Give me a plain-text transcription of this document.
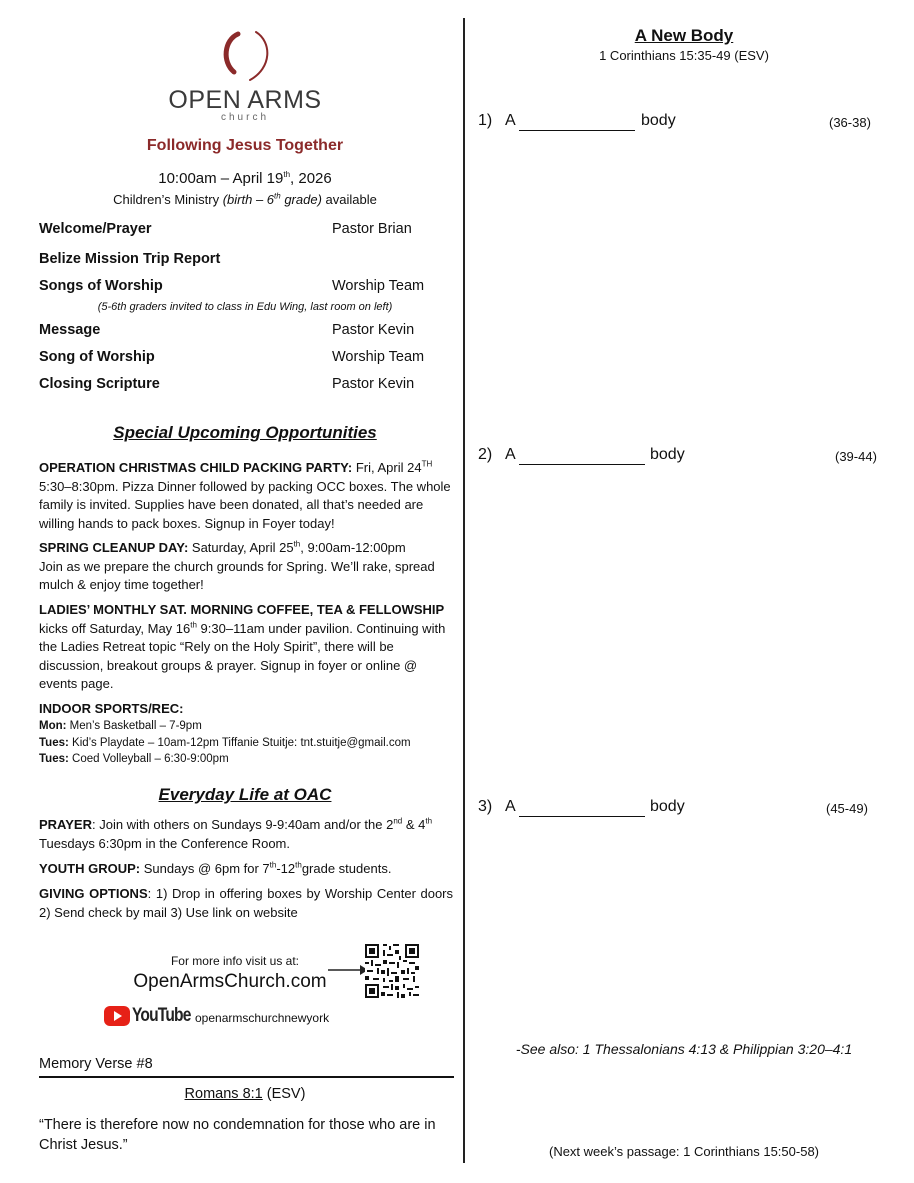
OPEN ARMS
church
Following Jesus Together
10:00am – April 19th, 2026
Children’s Ministry (birth – 6th grade) available
Welcome/Prayer	Pastor Brian
Belize Mission Trip Report
Songs of Worship	Worship Team
(5-6th graders invited to class in Edu Wing, last room on left)
Message	Pastor Kevin
Song of Worship	Worship Team
Closing Scripture	Pastor Kevin
Special Upcoming Opportunities
OPERATION CHRISTMAS CHILD PACKING PARTY: Fri, April 24TH 5:30–8:30pm. Pizza Dinner followed by packing OCC boxes. The whole family is invited. Supplies have been donated, all that’s needed are willing hands to pack boxes. Signup in Foyer today!
SPRING CLEANUP DAY: Saturday, April 25th, 9:00am-12:00pm
Join as we prepare the church grounds for Spring. We’ll rake, spread mulch & enjoy time together!
LADIES’ MONTHLY SAT. MORNING COFFEE, TEA & FELLOWSHIP
kicks off Saturday, May 16th 9:30–11am under pavilion. Continuing with the Ladies Retreat topic “Rely on the Holy Spirit”, there will be discussion, breakout groups & prayer. Signup in foyer or online @ events page.
INDOOR SPORTS/REC:
Mon: Men’s Basketball – 7-9pm
Tues: Kid’s Playdate – 10am-12pm Tiffanie Stuitje: tnt.stuitje@gmail.com
Tues: Coed Volleyball – 6:30-9:00pm
Everyday Life at OAC
PRAYER: Join with others on Sundays 9-9:40am and/or the 2nd & 4th Tuesdays 6:30pm in the Conference Room.
YOUTH GROUP: Sundays @ 6pm for 7th-12thgrade students.
GIVING OPTIONS: 1) Drop in offering boxes by Worship Center doors 2) Send check by mail 3) Use link on website
For more info visit us at:
OpenArmsChurch.com
YouTube openarmschurchnewyork
Memory Verse #8
Romans 8:1 (ESV)
“There is therefore now no condemnation for those who are in Christ Jesus.”
A New Body
1 Corinthians 15:35-49 (ESV)
1) A	body	(36-38)
2) A	body	(39-44)
3) A	body	(45-49)
-See also: 1 Thessalonians 4:13 & Philippian 3:20–4:1
(Next week’s passage: 1 Corinthians 15:50-58)
